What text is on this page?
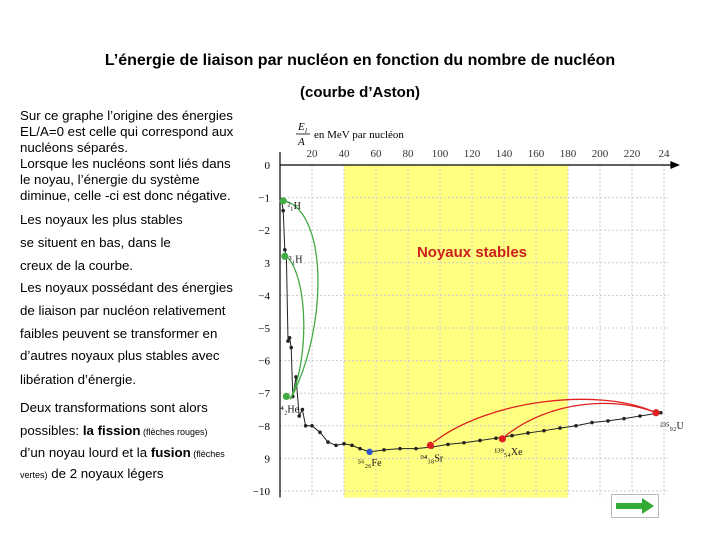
L’énergie de liaison par nucléon en fonction du nombre de nucléon
(courbe d’Aston)
Sur ce graphe l’origine des énergies
EL/A=0 est celle qui correspond aux
nucléons séparés.
Lorsque les nucléons sont liés dans
le noyau, l’énergie du système
diminue, celle -ci est donc négative.
Les noyaux les plus stables
se situent en bas, dans le
creux de la courbe.
Les noyaux possédant des énergies
de liaison par nucléon relativement
faibles peuvent se transformer en
d’autres noyaux plus stables avec
libération d’énergie.
Deux transformations sont alors
possibles: la fission (flèches rouges)
d’un noyau lourd et la fusion (flèches
vertes) de 2 noyaux légers
20 40 60 80 100 120 140 160 180 200 220 24
0
−1
−2
3
−4
−5
−6
−7
−8
9
−10
E l
A
en MeV par nucléon
²₁H
³₁H
⁴₂He
⁵⁶₂₆Fe	⁹⁴₃₈Sr
¹³⁹₅₄Xe
²³⁵₉₂U
Noyaux stables
